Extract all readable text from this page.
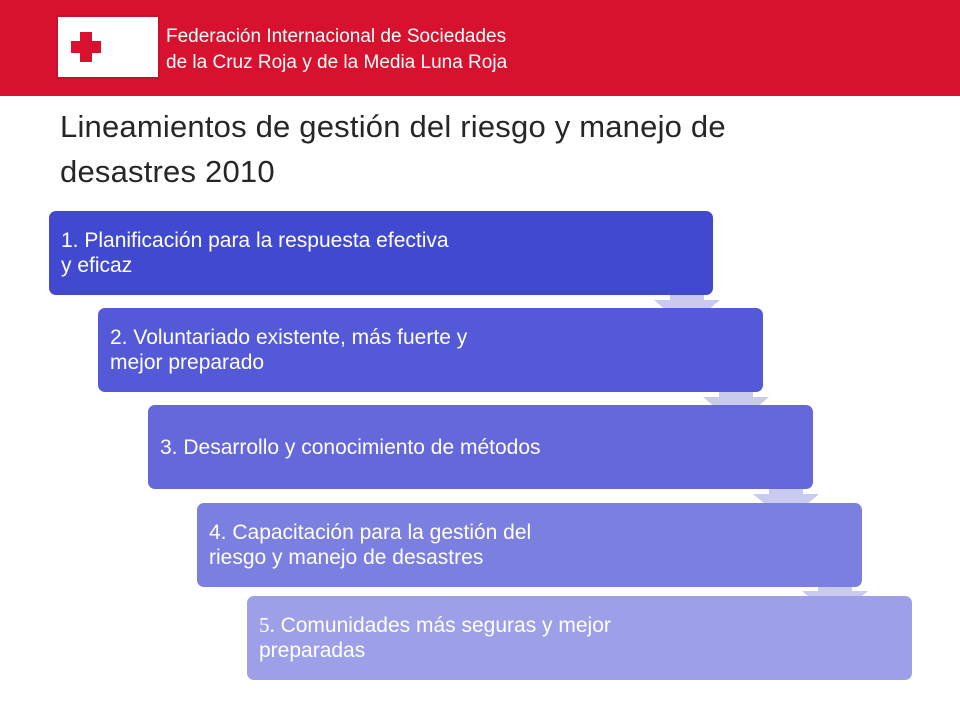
Federación Internacional de Sociedades
de la Cruz Roja y de la Media Luna Roja
Lineamientos de gestión del riesgo y manejo de
desastres 2010
1. Planificación para la respuesta efectiva
y eficaz
2. Voluntariado existente, más fuerte y
mejor preparado
3. Desarrollo y conocimiento de métodos
4. Capacitación para la gestión del
riesgo y manejo de desastres
5. Comunidades más seguras y mejor
preparadas
